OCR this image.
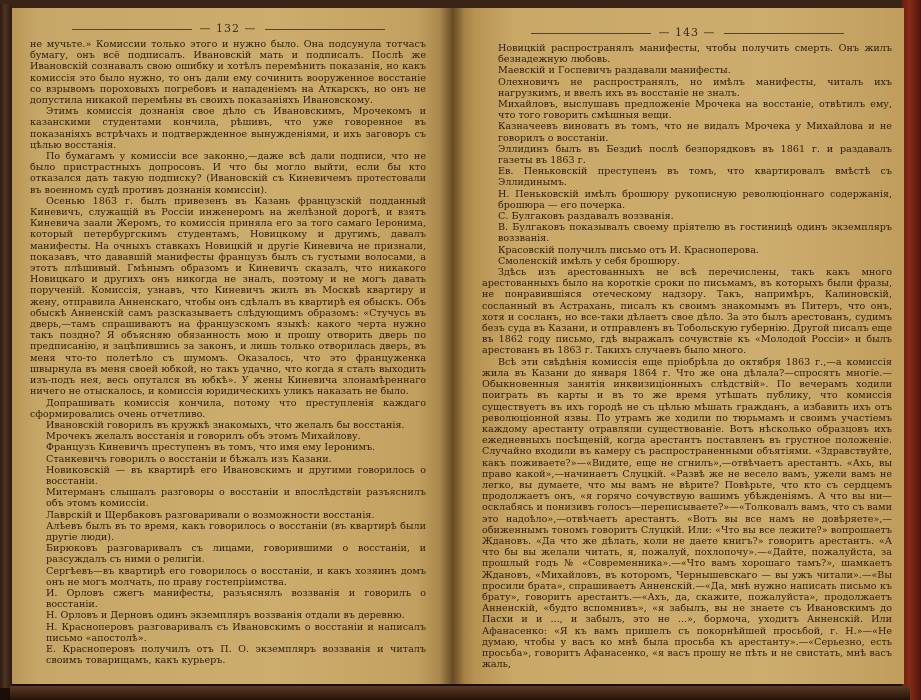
— 132 —

не мучьте.» Комиссии только этого и нужно было. Она подсунула тотчасъ бумагу, онъ всё подписалъ. Ивановскій мать и подписалъ. Послѣ же Ивановскій сознавалъ свою ошибку и хотѣлъ перемѣнить показанія, но какъ комиссія это было нужно, то онъ дали ему сочинить вооруженное восстаніе со взрывомъ пороховыхъ погребовъ и нападеніемъ на Аткарскъ, но онъ не допустила никакой перемѣны въ своихъ показаніяхъ Ивановскому.

Этимъ комиссія дознанія свое дѣло съ Ивановскимъ, Мрочекомъ и казанскими студентами кончила, рѣшивъ, что уже говоренное въ показаніяхъ встрѣчахъ и подтвержденное вынужденіями, и ихъ заговоръ съ цѣлью восстанія.

По бумагамъ у комиссіи все законно,—даже всѣ дали подписи, что не было пристрастныхъ допросовъ. И что бы могло выйти, если бы кто отказался дать такую подписку? (Ивановскій съ Киневичемъ протестовали въ военномъ судѣ противъ дознанія комиссіи).

Осенью 1863 г. былъ привезенъ въ Казань французскій подданный Киневичъ, служащій въ Россіи инженеромъ на желѣзной дорогѣ, и взятъ Киневича заали Жеромъ, то комиссія приняла его за того самаго Іеронима, который петербургскимъ студентамъ, Новицкому и другимъ, давалъ манифесты. На очныхъ ставкахъ Новицкій и другіе Киневича не признали, показавъ, что дававшій манифесты французъ былъ съ густыми волосами, а этотъ плѣшивый. Гмѣнымъ образомъ и Киневичъ сказалъ, что никакого Новицкаго и другихъ онъ никогда не зналъ, поэтому и не могъ давать порученій. Комиссія, узнавъ, что Киневичъ жилъ въ Москвѣ квартиру и жену, отправила Анненскаго, чтобы онъ сдѣлалъ въ квартирѣ ея обыскъ. Объ обыскѣ Анненскій самъ разсказываетъ слѣдующимъ образомъ: «Стучусь въ дверь,—тамъ спрашиваютъ на французскомъ языкѣ: какого черта нужно такъ поздно? Я объясняю обязанность мою и прошу отворить дверь по предписанію, и зацѣпившись за законъ, и лишь только отворилась дверь, въ меня что-то полетѣло съ шумомъ. Оказалось, что это француженка швырнула въ меня своей юбкой, но такъ удачно, что когда я сталъ выходить изъ-подъ нея, весь опутался въ юбкѣ». У жены Киневича злонамѣреннаго ничего не отыскалось, и комиссія юридическихъ уликъ наказать не было.

Допрашивать комиссія кончила, потому что преступленія каждаго сформировались очень отчетливо.

Ивановскій говорилъ въ кружкѣ знакомыхъ, что желалъ бы восстанія.

Мрочекъ желалъ восстанія и говорилъ объ этомъ Михайлову.

Французъ Киневичъ преступенъ въ томъ, что имя ему Іеронимъ.

Станкевичъ говорилъ о восстаніи и бѣжалъ изъ Казани.

Новиковскій — въ квартирѣ его Ивановскимъ и другими говорилось о восстаніи.

Митерманъ слышалъ разговоры о восстаніи и впослѣдствіи разъяснилъ объ этомъ комиссіи.

Лаврскій и Щербаковъ разговаривали о возможности восстанія.

Алѣевъ былъ въ то время, какъ говорилось о восстаніи (въ квартирѣ были другіе люди).

Бирюковъ разговаривалъ съ лицами, говорившими о восстаніи, и разсуждалъ съ ними о религіи.

Сергѣевъ—въ квартирѣ его говорилось о восстаніи, и какъ хозяинъ домъ онъ не могъ молчать, по праву гостепріимства.

И. Орловъ сжегъ манифесты, разъяснялъ воззванія и говорилъ о восстаніи.

Н. Орловъ и Дерновъ одинъ экземпляръ воззванія отдали въ деревню.

Н. Красноперовъ разговаривалъ съ Ивановскимъ о восстаніи и написалъ письмо «апостолѣ».

Е. Красноперовъ получилъ отъ П. О. экземпляръ воззванія и читалъ своимъ товарищамъ, какъ курьеръ.

— 143 —

Новицкій распространялъ манифесты, чтобы получить смерть. Онъ жилъ безнадежную любовь.

Маевскій и Госпевичъ раздавали манифесты.

Олехновичъ не распространялъ, но имѣлъ манифесты, читалъ ихъ нагрузкимъ, и ввелъ ихъ въ восстаніе не зналъ.

Михайловъ, выслушавъ предложеніе Мрочека на восстаніе, отвѣтилъ ему, что того говорить смѣшныя вещи.

Казначеевъ виноватъ въ томъ, что не видалъ Мрочека у Михайлова и не говорилъ о восстаніи.

Эллидинъ былъ въ Бездиѣ послѣ безпорядковъ въ 1861 г. и раздавалъ газеты въ 1863 г.

Ев. Пеньковскій преступенъ въ томъ, что квартировалъ вмѣстѣ съ Эллидинымъ.

Н. Пеньковскій имѣлъ брошюру рукописную революціоннаго содержанія, брошюра — его почерка.

С. Булгаковъ раздавалъ воззванія.

В. Булгаковъ показывалъ своему пріятелю въ гостиницѣ одинъ экземпляръ воззванія.

Красовскій получилъ письмо отъ И. Красноперова.

Смоленскій имѣлъ у себя брошюру.

Здѣсь изъ арестованныхъ не всѣ перечислены, такъ какъ много арестованныхъ было на короткіе сроки по письмамъ, въ которыхъ были фразы, не понравившіяся отеческому надзору. Такъ, напримѣръ, Калиновскій, сосланный въ Астрахань, писалъ къ своимъ знакомымъ въ Питеръ, что онъ, хотя и сосланъ, но все-таки дѣлаетъ свое дѣло. За это былъ арестованъ, судимъ безъ суда въ Казани, и отправленъ въ Тобольскую губернію. Другой писалъ еще въ 1862 году письмо, гдѣ выражалъ сочувствіе къ «Молодой Россіи» и былъ арестованъ въ 1863 г. Такихъ случаевъ было много.

Всѣ эти свѣдѣнія комиссія еще пріобрѣла до октября 1863 г.,—а комиссія жила въ Казани до января 1864 г. Что же она дѣлала?—спросятъ многіе.—Обыкновенныя занятія инквизиціонныхъ слѣдствій». По вечерамъ ходили поиграть въ карты и въ то же время утѣшать публику, что комиссія существуетъ въ ихъ городѣ не съ цѣлью мѣшать гражданъ, а избавить ихъ отъ революціонной язвы. По утрамъ же ходили по тюрьмамъ и своимъ участіемъ каждому арестанту отравляли существованіе. Вотъ нѣсколько образцовъ ихъ ежедневныхъ посѣщеній, когда арестантъ поставленъ въ грустное положеніе. Случайно входили въ камеру съ распространенными объятіями. «Здравствуйте, какъ поживаете?»—«Видите, еще не сгнилъ»,—отвѣчаетъ арестантъ. «Ахъ, вы право какой»,—начинаетъ Слуцкій. «Развѣ же не весело вамъ, ужели вамъ не легко, вы думаете, что мы вамъ не вѣрите? Повѣрьте, что кто съ сердцемъ продолжаетъ онъ, «я горячо сочувствую вашимъ убѣжденіямъ. А что вы ни—осклабясь и понизивъ голосъ—переписываете?»—«Толковалъ вамъ, что съ вами это надоѣло»,—отвѣчаетъ арестантъ. «Вотъ вы все намъ не довѣряете»,—обиженнымъ тономъ говоритъ Слуцкій. Или: «Что вы все лежите?» вопрошаетъ Ждановъ. «Да что же дѣлать, коли не даете книгъ?» говоритъ арестантъ. «А что бы вы желали читать, я, пожалуй, похлопочу».—«Дайте, пожалуйста, за прошлый годъ № «Современника».—«Что вамъ хорошаго тамъ?», шамкаетъ Ждановъ, «Михайловъ, въ которомъ, Чернышевскаго — вы ужъ читали».—«Вы просили брата», спрашиваетъ Анненскій.—«Да, мнѣ нужно написать письмо къ брату», говоритъ арестантъ.—«Ахъ, да, скажите, пожалуйста», продолжаетъ Анненскій, «будто вспомнивъ», «я забылъ, вы не знаете съ Ивановскимъ до Пасхи и и ..., и забылъ, это не ...», бормоча, уходитъ Анненскій. Или Афанасенко: «Я къ вамъ пришелъ съ покорнѣйшей просьбой, г. Н.»—«Не думаю, чтобы у васъ ко мнѣ была просьба къ арестанту».—«Серьезно, есть просьба», говоритъ Афанасенко, «я васъ прошу не пѣть и не свистать, мнѣ васъ жаль,
